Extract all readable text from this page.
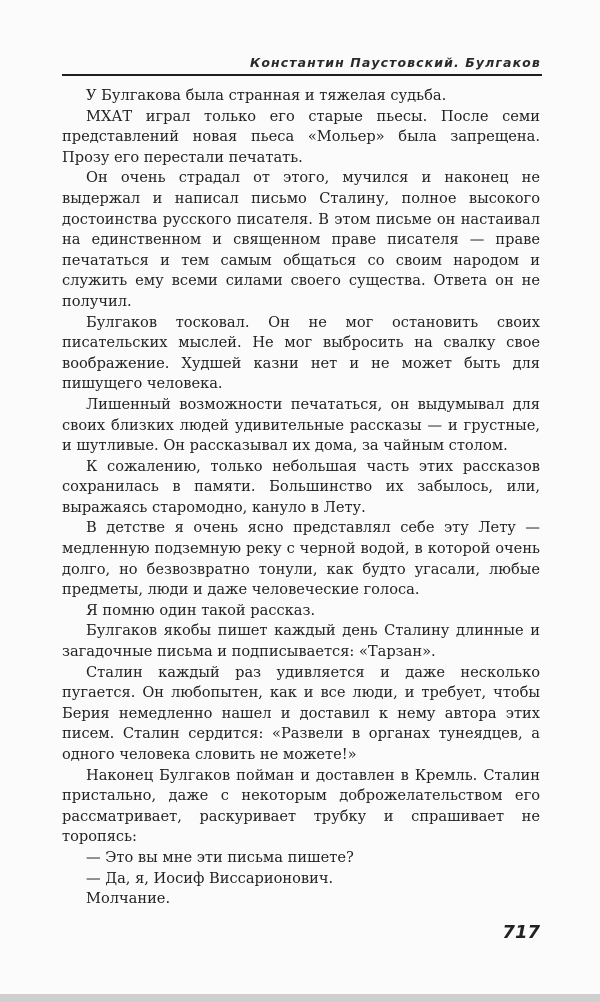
Константин Паустовский. Булгаков

У Булгакова была странная и тяжелая судьба.

МХАТ играл только его старые пьесы. После семи представлений новая пьеса «Мольер» была запрещена. Прозу его перестали печатать.

Он очень страдал от этого, мучился и наконец не выдержал и написал письмо Сталину, полное высокого достоинства русского писателя. В этом письме он настаивал на единственном и священном праве писателя — праве печататься и тем самым общаться со своим народом и служить ему всеми силами своего существа. Ответа он не получил.

Булгаков тосковал. Он не мог остановить своих писательских мыслей. Не мог выбросить на свалку свое воображение. Худшей казни нет и не может быть для пишущего человека.

Лишенный возможности печататься, он выдумывал для своих близких людей удивительные рассказы — и грустные, и шутливые. Он рассказывал их дома, за чайным столом.

К сожалению, только небольшая часть этих рассказов сохранилась в памяти. Большинство их забылось, или, выражаясь старомодно, кануло в Лету.

В детстве я очень ясно представлял себе эту Лету — медленную подземную реку с черной водой, в которой очень долго, но безвозвратно тонули, как будто угасали, любые предметы, люди и даже человеческие голоса.

Я помню один такой рассказ.

Булгаков якобы пишет каждый день Сталину длинные и загадочные письма и подписывается: «Тарзан».

Сталин каждый раз удивляется и даже несколько пугается. Он любопытен, как и все люди, и требует, чтобы Берия немедленно нашел и доставил к нему автора этих писем. Сталин сердится: «Развели в органах тунеядцев, а одного человека словить не можете!»

Наконец Булгаков пойман и доставлен в Кремль. Сталин пристально, даже с некоторым доброжелательством его рассматривает, раскуривает трубку и спрашивает не торопясь:

— Это вы мне эти письма пишете?

— Да, я, Иосиф Виссарионович.

Молчание.

717
